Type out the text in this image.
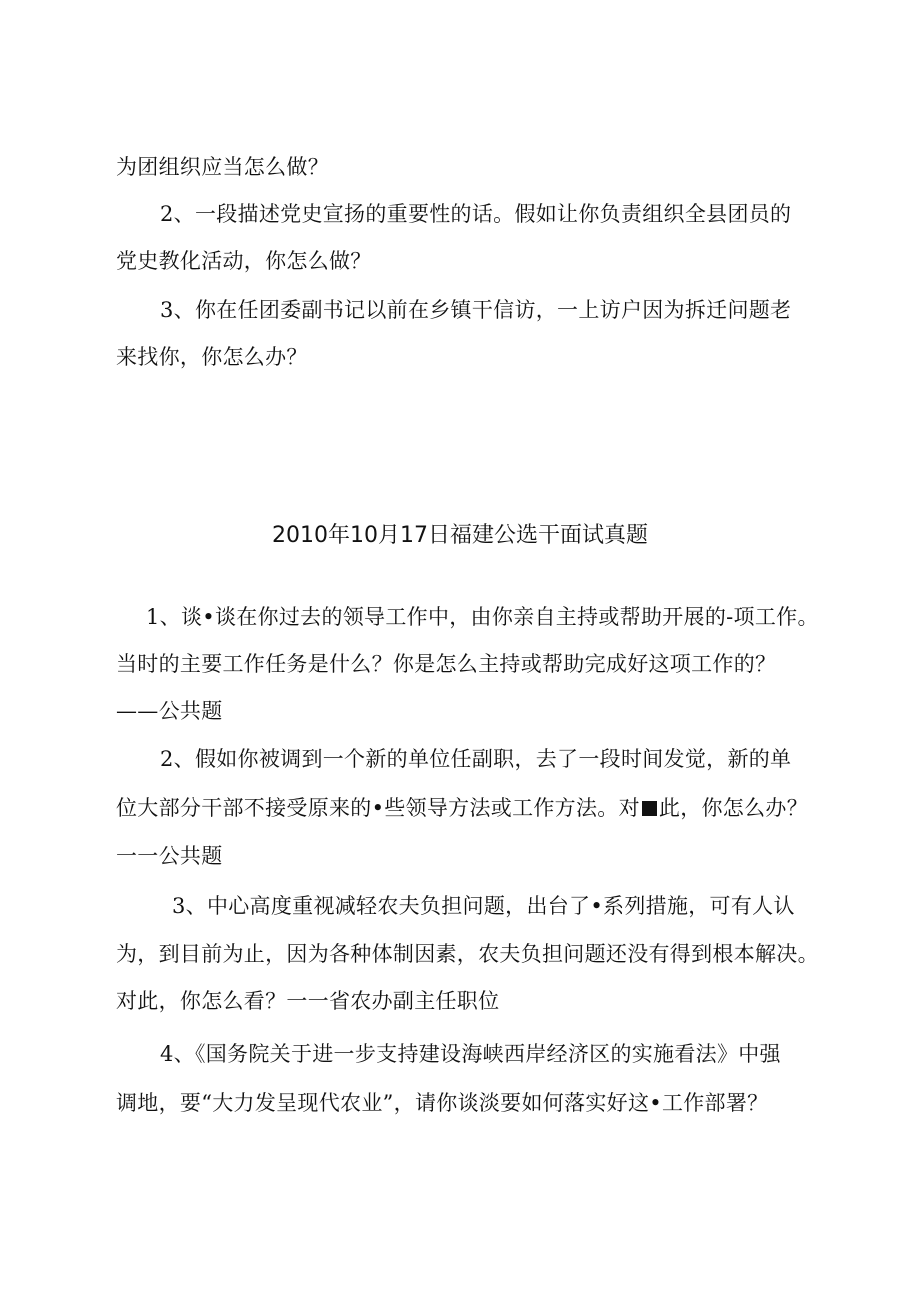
为团组织应当怎么做？
2、一段描述党史宣扬的重要性的话。假如让你负责组织全县团员的
党史教化活动，你怎么做？
3、你在任团委副书记以前在乡镇干信访，一上访户因为拆迁问题老
来找你，你怎么办？
2010年10月17日福建公选干面试真题
1、谈•谈在你过去的领导工作中，由你亲自主持或帮助开展的-项工作。
当时的主要工作任务是什么？你是怎么主持或帮助完成好这项工作的？
——公共题
2、假如你被调到一个新的单位任副职，去了一段时间发觉，新的单
位大部分干部不接受原来的•些领导方法或工作方法。对 此，你怎么办？
一一公共题
3、中心高度重视减轻农夫负担问题，出台了•系列措施，可有人认
为，到目前为止，因为各种体制因素，农夫负担问题还没有得到根本解决。
对此，你怎么看？一一省农办副主任职位
4、《国务院关于进一步支持建设海峡西岸经济区的实施看法》中强
调地，要“大力发呈现代农业”，请你谈淡要如何落实好这•工作部署？
